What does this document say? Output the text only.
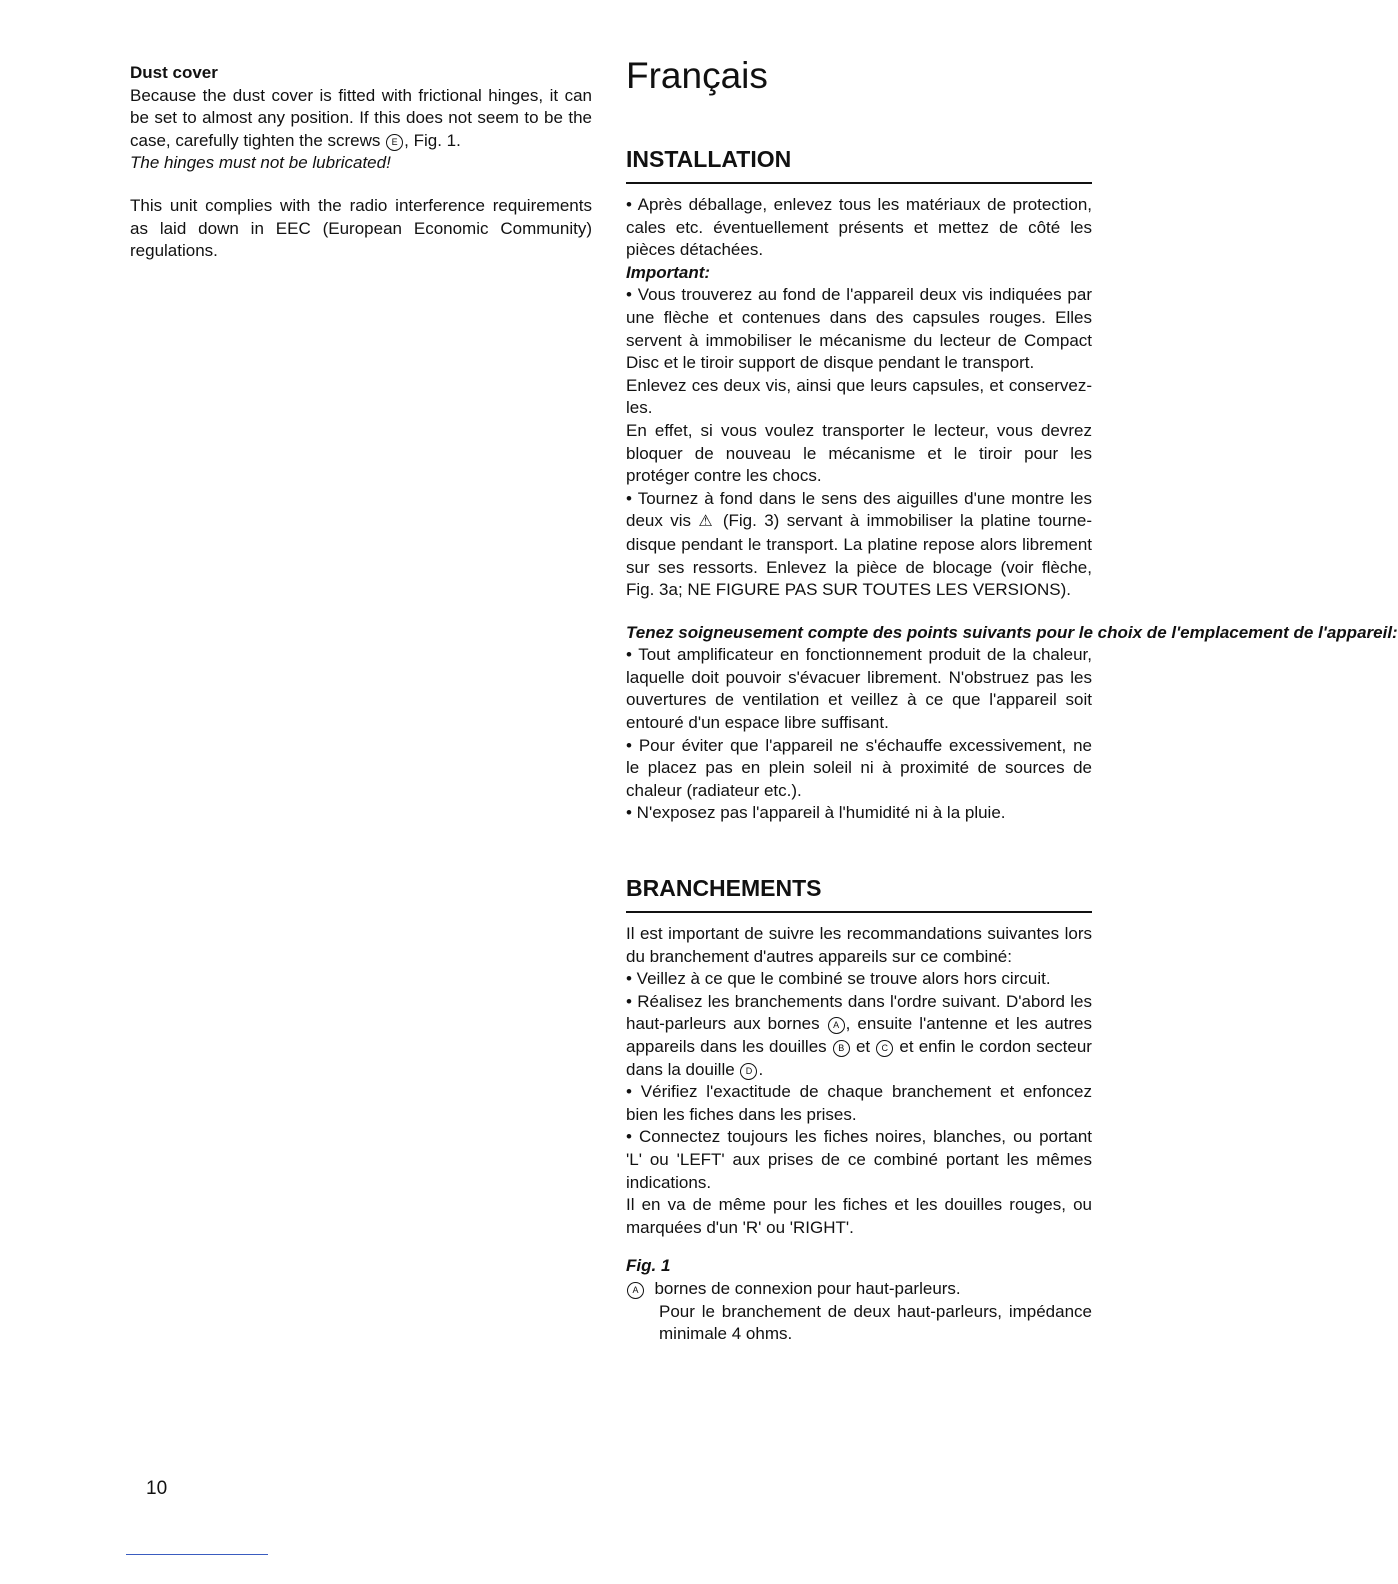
Dust cover

Because the dust cover is fitted with frictional hinges, it can be set to almost any position. If this does not seem to be the case, carefully tighten the screws E , Fig. 1.

The hinges must not be lubricated!

This unit complies with the radio interference requirements as laid down in EEC (European Economic Community) regulations.

Français
INSTALLATION

• Après déballage, enlevez tous les matériaux de protection, cales etc. éventuellement présents et mettez de côté les pièces détachées.

Important:

• Vous trouverez au fond de l'appareil deux vis indiquées par une flèche et contenues dans des capsules rouges. Elles servent à immobiliser le mécanisme du lecteur de Compact Disc et le tiroir support de disque pendant le transport.

Enlevez ces deux vis, ainsi que leurs capsules, et conservez-les.

En effet, si vous voulez transporter le lecteur, vous devrez bloquer de nouveau le mécanisme et le tiroir pour les protéger contre les chocs.

• Tournez à fond dans le sens des aiguilles d'une montre les deux vis ⚠ (Fig. 3) servant à immobiliser la platine tourne-disque pendant le transport. La platine repose alors librement sur ses ressorts. Enlevez la pièce de blocage (voir flèche, Fig. 3a; NE FIGURE PAS SUR TOUTES LES VERSIONS).

Tenez soigneusement compte des points suivants pour le choix de l'emplacement de l'appareil:

• Tout amplificateur en fonctionnement produit de la chaleur, laquelle doit pouvoir s'évacuer librement. N'obstruez pas les ouvertures de ventilation et veillez à ce que l'appareil soit entouré d'un espace libre suffisant.

• Pour éviter que l'appareil ne s'échauffe excessivement, ne le placez pas en plein soleil ni à proximité de sources de chaleur (radiateur etc.).

• N'exposez pas l'appareil à l'humidité ni à la pluie.

BRANCHEMENTS

Il est important de suivre les recommandations suivantes lors du branchement d'autres appareils sur ce combiné:

• Veillez à ce que le combiné se trouve alors hors circuit.

• Réalisez les branchements dans l'ordre suivant. D'abord les haut-parleurs aux bornes A , ensuite l'antenne et les autres appareils dans les douilles B et C et enfin le cordon secteur dans la douille D .

• Vérifiez l'exactitude de chaque branchement et enfoncez bien les fiches dans les prises.

• Connectez toujours les fiches noires, blanches, ou portant 'L' ou 'LEFT' aux prises de ce combiné portant les mêmes indications.

Il en va de même pour les fiches et les douilles rouges, ou marquées d'un 'R' ou 'RIGHT'.

Fig. 1

A bornes de connexion pour haut-parleurs.

Pour le branchement de deux haut-parleurs, impédance minimale 4 ohms.

10
